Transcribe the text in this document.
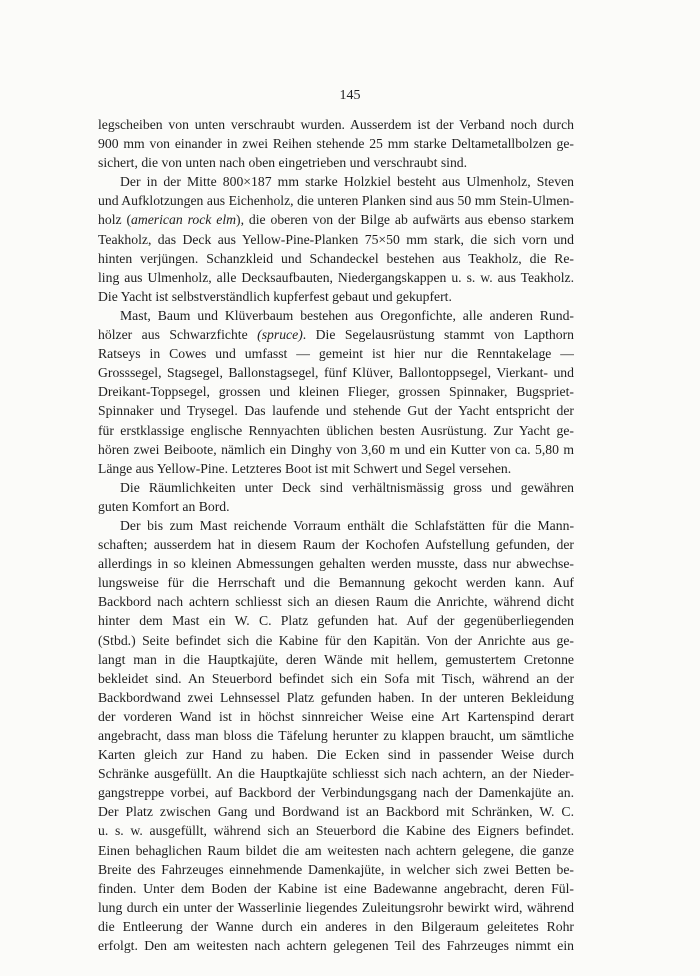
145
legscheiben von unten verschraubt wurden. Ausserdem ist der Verband noch durch
900 mm von einander in zwei Reihen stehende 25 mm starke Deltametallbolzen ge-
sichert, die von unten nach oben eingetrieben und verschraubt sind.
Der in der Mitte 800×187 mm starke Holzkiel besteht aus Ulmenholz, Steven
und Aufklotzungen aus Eichenholz, die unteren Planken sind aus 50 mm Stein-Ulmen-
holz (american rock elm), die oberen von der Bilge ab aufwärts aus ebenso starkem
Teakholz, das Deck aus Yellow-Pine-Planken 75×50 mm stark, die sich vorn und
hinten verjüngen. Schanzkleid und Schandeckel bestehen aus Teakholz, die Re-
ling aus Ulmenholz, alle Decksaufbauten, Niedergangskappen u. s. w. aus Teakholz.
Die Yacht ist selbstverständlich kupferfest gebaut und gekupfert.
Mast, Baum und Klüverbaum bestehen aus Oregonfichte, alle anderen Rund-
hölzer aus Schwarzfichte (spruce). Die Segelausrüstung stammt von Lapthorn
Ratseys in Cowes und umfasst — gemeint ist hier nur die Renntakelage —
Grosssegel, Stagsegel, Ballonstagsegel, fünf Klüver, Ballontoppsegel, Vierkant- und
Dreikant-Toppsegel, grossen und kleinen Flieger, grossen Spinnaker, Bugspriet-
Spinnaker und Trysegel. Das laufende und stehende Gut der Yacht entspricht der
für erstklassige englische Rennyachten üblichen besten Ausrüstung. Zur Yacht ge-
hören zwei Beiboote, nämlich ein Dinghy von 3,60 m und ein Kutter von ca. 5,80 m
Länge aus Yellow-Pine. Letzteres Boot ist mit Schwert und Segel versehen.
Die Räumlichkeiten unter Deck sind verhältnismässig gross und gewähren
guten Komfort an Bord.
Der bis zum Mast reichende Vorraum enthält die Schlafstätten für die Mann-
schaften; ausserdem hat in diesem Raum der Kochofen Aufstellung gefunden, der
allerdings in so kleinen Abmessungen gehalten werden musste, dass nur abwechse-
lungsweise für die Herrschaft und die Bemannung gekocht werden kann. Auf
Backbord nach achtern schliesst sich an diesen Raum die Anrichte, während dicht
hinter dem Mast ein W. C. Platz gefunden hat. Auf der gegenüberliegenden
(Stbd.) Seite befindet sich die Kabine für den Kapitän. Von der Anrichte aus ge-
langt man in die Hauptkajüte, deren Wände mit hellem, gemustertem Cretonne
bekleidet sind. An Steuerbord befindet sich ein Sofa mit Tisch, während an der
Backbordwand zwei Lehnsessel Platz gefunden haben. In der unteren Bekleidung
der vorderen Wand ist in höchst sinnreicher Weise eine Art Kartenspind derart
angebracht, dass man bloss die Täfelung herunter zu klappen braucht, um sämtliche
Karten gleich zur Hand zu haben. Die Ecken sind in passender Weise durch
Schränke ausgefüllt. An die Hauptkajüte schliesst sich nach achtern, an der Nieder-
gangstreppe vorbei, auf Backbord der Verbindungsgang nach der Damenkajüte an.
Der Platz zwischen Gang und Bordwand ist an Backbord mit Schränken, W. C.
u. s. w. ausgefüllt, während sich an Steuerbord die Kabine des Eigners befindet.
Einen behaglichen Raum bildet die am weitesten nach achtern gelegene, die ganze
Breite des Fahrzeuges einnehmende Damenkajüte, in welcher sich zwei Betten be-
finden. Unter dem Boden der Kabine ist eine Badewanne angebracht, deren Fül-
lung durch ein unter der Wasserlinie liegendes Zuleitungsrohr bewirkt wird, während
die Entleerung der Wanne durch ein anderes in den Bilgeraum geleitetes Rohr
erfolgt. Den am weitesten nach achtern gelegenen Teil des Fahrzeuges nimmt ein
